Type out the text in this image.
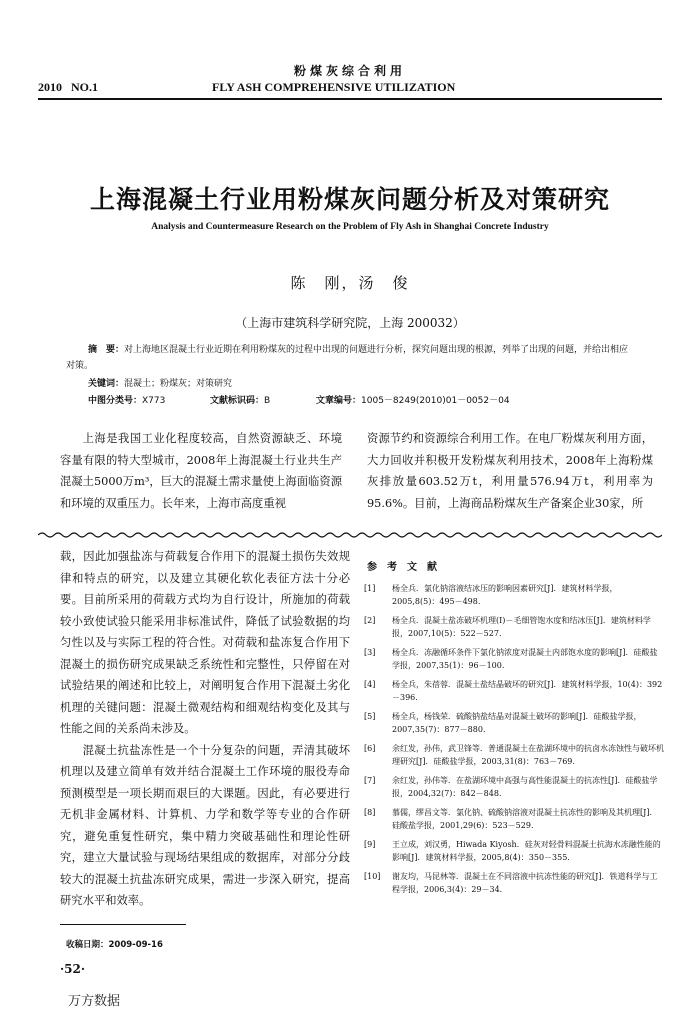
粉煤灰综合利用
2010   NO.1	FLY ASH COMPREHENSIVE UTILIZATION
上海混凝土行业用粉煤灰问题分析及对策研究
Analysis and Countermeasure Research on the Problem of Fly Ash in Shanghai Concrete Industry
陈　刚，汤　俊
（上海市建筑科学研究院，上海 200032）
摘　要：对上海地区混凝土行业近期在利用粉煤灰的过程中出现的问题进行分析，探究问题出现的根源，列举了出现的问题，并给出相应对策。
关键词：混凝土；粉煤灰；对策研究
中图分类号：X773	文献标识码：B	文章编号：1005－8249(2010)01－0052－04

上海是我国工业化程度较高，自然资源缺乏、环境容量有限的特大型城市，2008年上海混凝土行业共生产混凝土5000万m³，巨大的混凝土需求量使上海面临资源和环境的双重压力。长年来，上海市高度重视

资源节约和资源综合利用工作。在电厂粉煤灰利用方面，大力回收并积极开发粉煤灰利用技术，2008年上海粉煤灰排放量603.52万t，利用量576.94万t，利用率为95.6%。目前，上海商品粉煤灰生产备案企业30家，所

载，因此加强盐冻与荷载复合作用下的混凝土损伤失效规律和特点的研究，以及建立其硬化软化表征方法十分必要。目前所采用的荷载方式均为自行设计，所施加的荷载较小致使试验只能采用非标准试件，降低了试验数据的均匀性以及与实际工程的符合性。对荷载和盐冻复合作用下混凝土的损伤研究成果缺乏系统性和完整性，只停留在对试验结果的阐述和比较上，对阐明复合作用下混凝土劣化机理的关键问题：混凝土微观结构和细观结构变化及其与性能之间的关系尚未涉及。

混凝土抗盐冻性是一个十分复杂的问题，弄清其破坏机理以及建立简单有效并结合混凝土工作环境的服役寿命预测模型是一项长期而艰巨的大课题。因此，有必要进行无机非金属材料、计算机、力学和数学等专业的合作研究，避免重复性研究，集中精力突破基础性和理论性研究，建立大量试验与现场结果组成的数据库，对部分分歧较大的混凝土抗盐冻研究成果，需进一步深入研究，提高研究水平和效率。

参考文献
[1] 杨全兵．氯化钠溶液结冰压的影响因素研究[J]．建筑材料学报，2005,8(5)：495－498.
[2] 杨全兵．混凝土盐冻破坏机理(Ⅰ)－毛细管饱水度和结冰压[J]．建筑材料学报，2007,10(5)：522－527.
[3] 杨全兵．冻融循环条件下氯化钠浓度对混凝土内部饱水度的影响[J]．硅酸盐学报，2007,35(1)：96－100.
[4] 杨全兵，朱蓓蓉．混凝土盐结晶破坏的研究[J]．建筑材料学报，10(4)：392－396.
[5] 杨全兵，杨钱荣．硫酸钠盐结晶对混凝土破坏的影响[J]．硅酸盐学报，2007,35(7)：877－880.
[6] 余红发，孙伟，武卫锋等．普通混凝土在盐湖环境中的抗卤水冻蚀性与破坏机理研究[J]．硅酸盐学报，2003,31(8)：763－769.
[7] 余红发，孙伟等．在盐湖环境中高强与高性能混凝土的抗冻性[J]．硅酸盐学报，2004,32(7)：842－848.
[8] 慕儒，缪昌文等．氯化钠、硫酸钠溶液对混凝土抗冻性的影响及其机理[J]．硅酸盐学报，2001,29(6)：523－529.
[9] 王立成，刘汉勇，Hiwada Kiyosh．硅灰对轻骨料混凝土抗海水冻融性能的影响[J]．建筑材料学报，2005,8(4)：350－355.
[10] 谢友均，马昆林等．混凝土在不同溶液中抗冻性能的研究[J]．铁道科学与工程学报，2006,3(4)：29－34.
收稿日期：2009-09-16
·52·
万方数据
